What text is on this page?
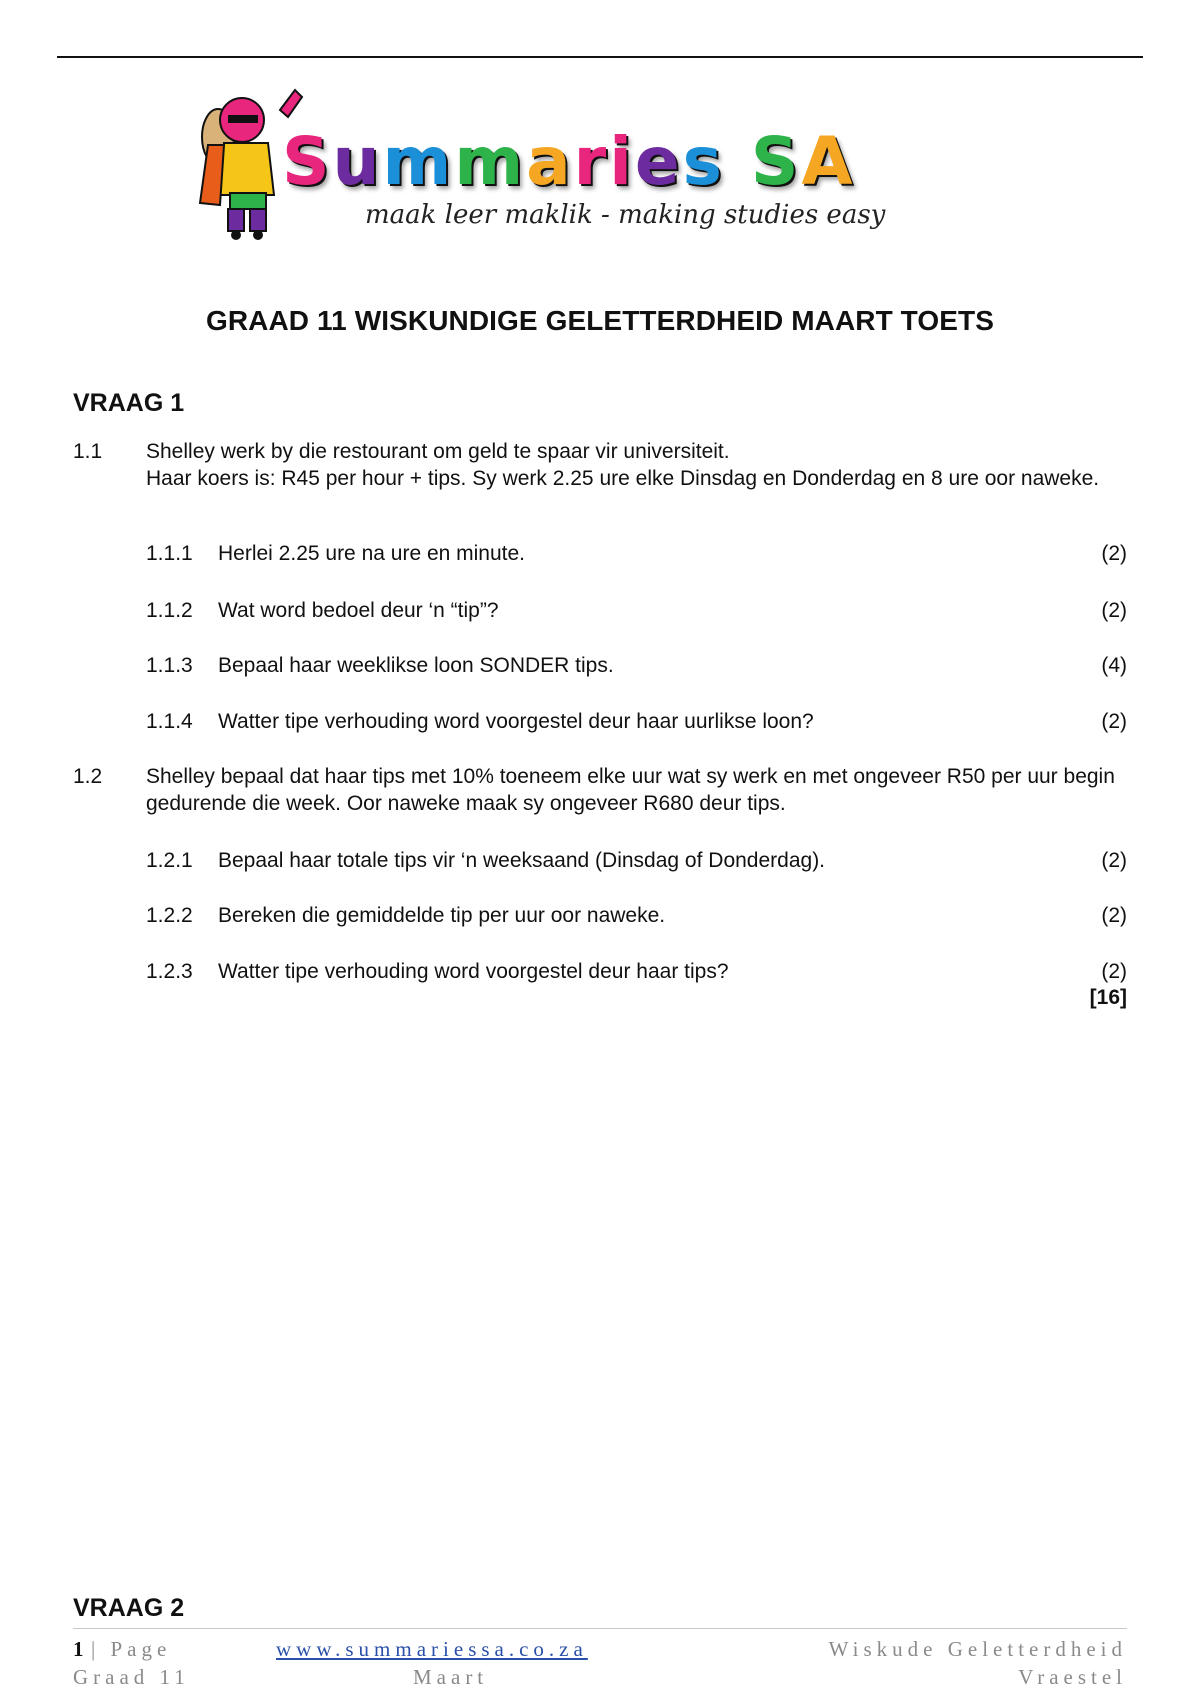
Summaries SA
maak leer maklik - making studies easy
GRAAD 11 WISKUNDIGE GELETTERDHEID MAART TOETS
VRAAG 1
1.1 Shelley werk by die restourant om geld te spaar vir universiteit.
Haar koers is: R45 per hour + tips. Sy werk 2.25 ure elke Dinsdag en Donderdag en 8 ure oor naweke.
1.1.1 Herlei 2.25 ure na ure en minute.	(2)
1.1.2 Wat word bedoel deur ‘n “tip”?	(2)
1.1.3 Bepaal haar weeklikse loon SONDER tips.	(4)
1.1.4 Watter tipe verhouding word voorgestel deur haar uurlikse loon?	(2)
1.2 Shelley bepaal dat haar tips met 10% toeneem elke uur wat sy werk en met ongeveer R50 per uur begin gedurende die week. Oor naweke maak sy ongeveer R680 deur tips.
1.2.1 Bepaal haar totale tips vir ‘n weeksaand (Dinsdag of Donderdag).	(2)
1.2.2 Bereken die gemiddelde tip per uur oor naweke.	(2)
1.2.3 Watter tipe verhouding word voorgestel deur haar tips?	(2)
[16]
VRAAG 2
1 | Page	www.summariessa.co.za	Wiskude Geletterdheid
Graad 11	Maart	Vraestel
